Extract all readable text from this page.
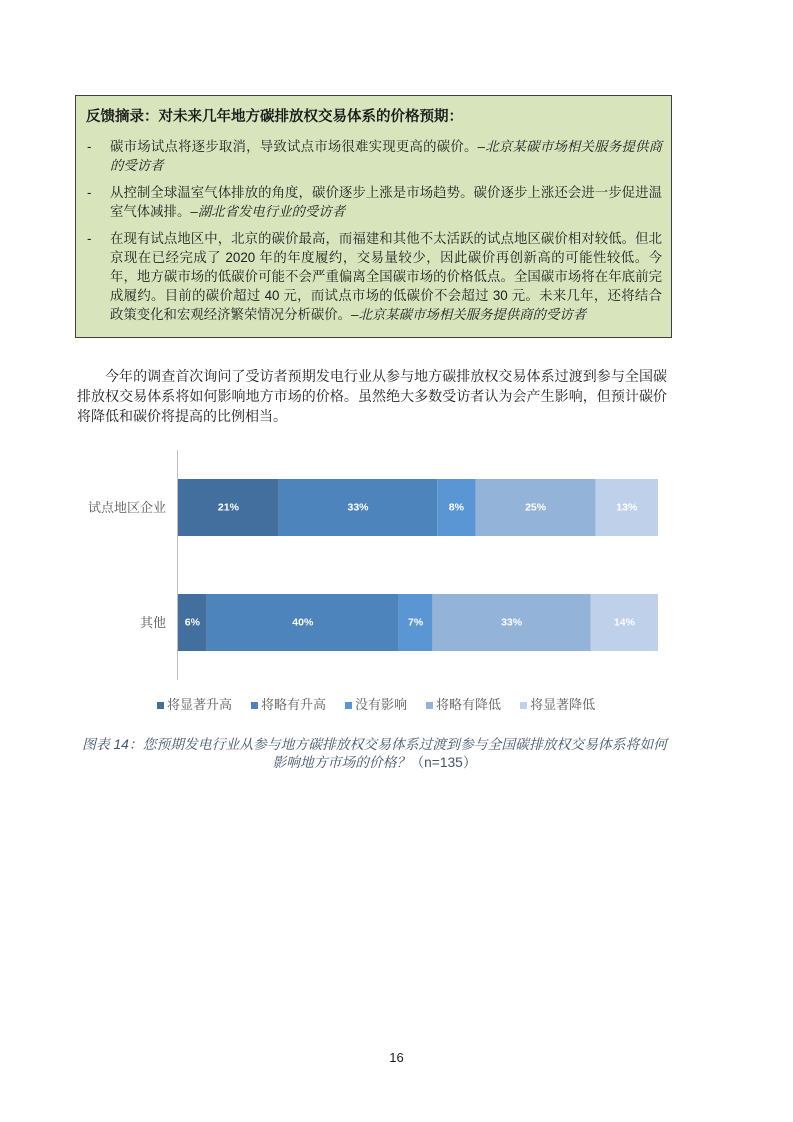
反馈摘录：对未来几年地方碳排放权交易体系的价格预期：
-	碳市场试点将逐步取消，导致试点市场很难实现更高的碳价。–北京某碳市场相关服务提供商的受访者

-	从控制全球温室气体排放的角度，碳价逐步上涨是市场趋势。碳价逐步上涨还会进一步促进温室气体减排。–湖北省发电行业的受访者

-	在现有试点地区中，北京的碳价最高，而福建和其他不太活跃的试点地区碳价相对较低。但北京现在已经完成了 2020 年的年度履约，交易量较少，因此碳价再创新高的可能性较低。今年，地方碳市场的低碳价可能不会严重偏离全国碳市场的价格低点。全国碳市场将在年底前完成履约。目前的碳价超过 40 元，而试点市场的低碳价不会超过 30 元。未来几年，还将结合政策变化和宏观经济繁荣情况分析碳价。–北京某碳市场相关服务提供商的受访者

今年的调查首次询问了受访者预期发电行业从参与地方碳排放权交易体系过渡到参与全国碳排放权交易体系将如何影响地方市场的价格。虽然绝大多数受访者认为会产生影响，但预计碳价将降低和碳价将提高的比例相当。

试点地区企业	21%	33%	8%	25%	13%
其他 6%	40%	7%	33%	14%
将显著升高 将略有升高 没有影响 将略有降低 将显著降低
图表 14：您预期发电行业从参与地方碳排放权交易体系过渡到参与全国碳排放权交易体系将如何影响地方市场的价格？（n=135）
16
